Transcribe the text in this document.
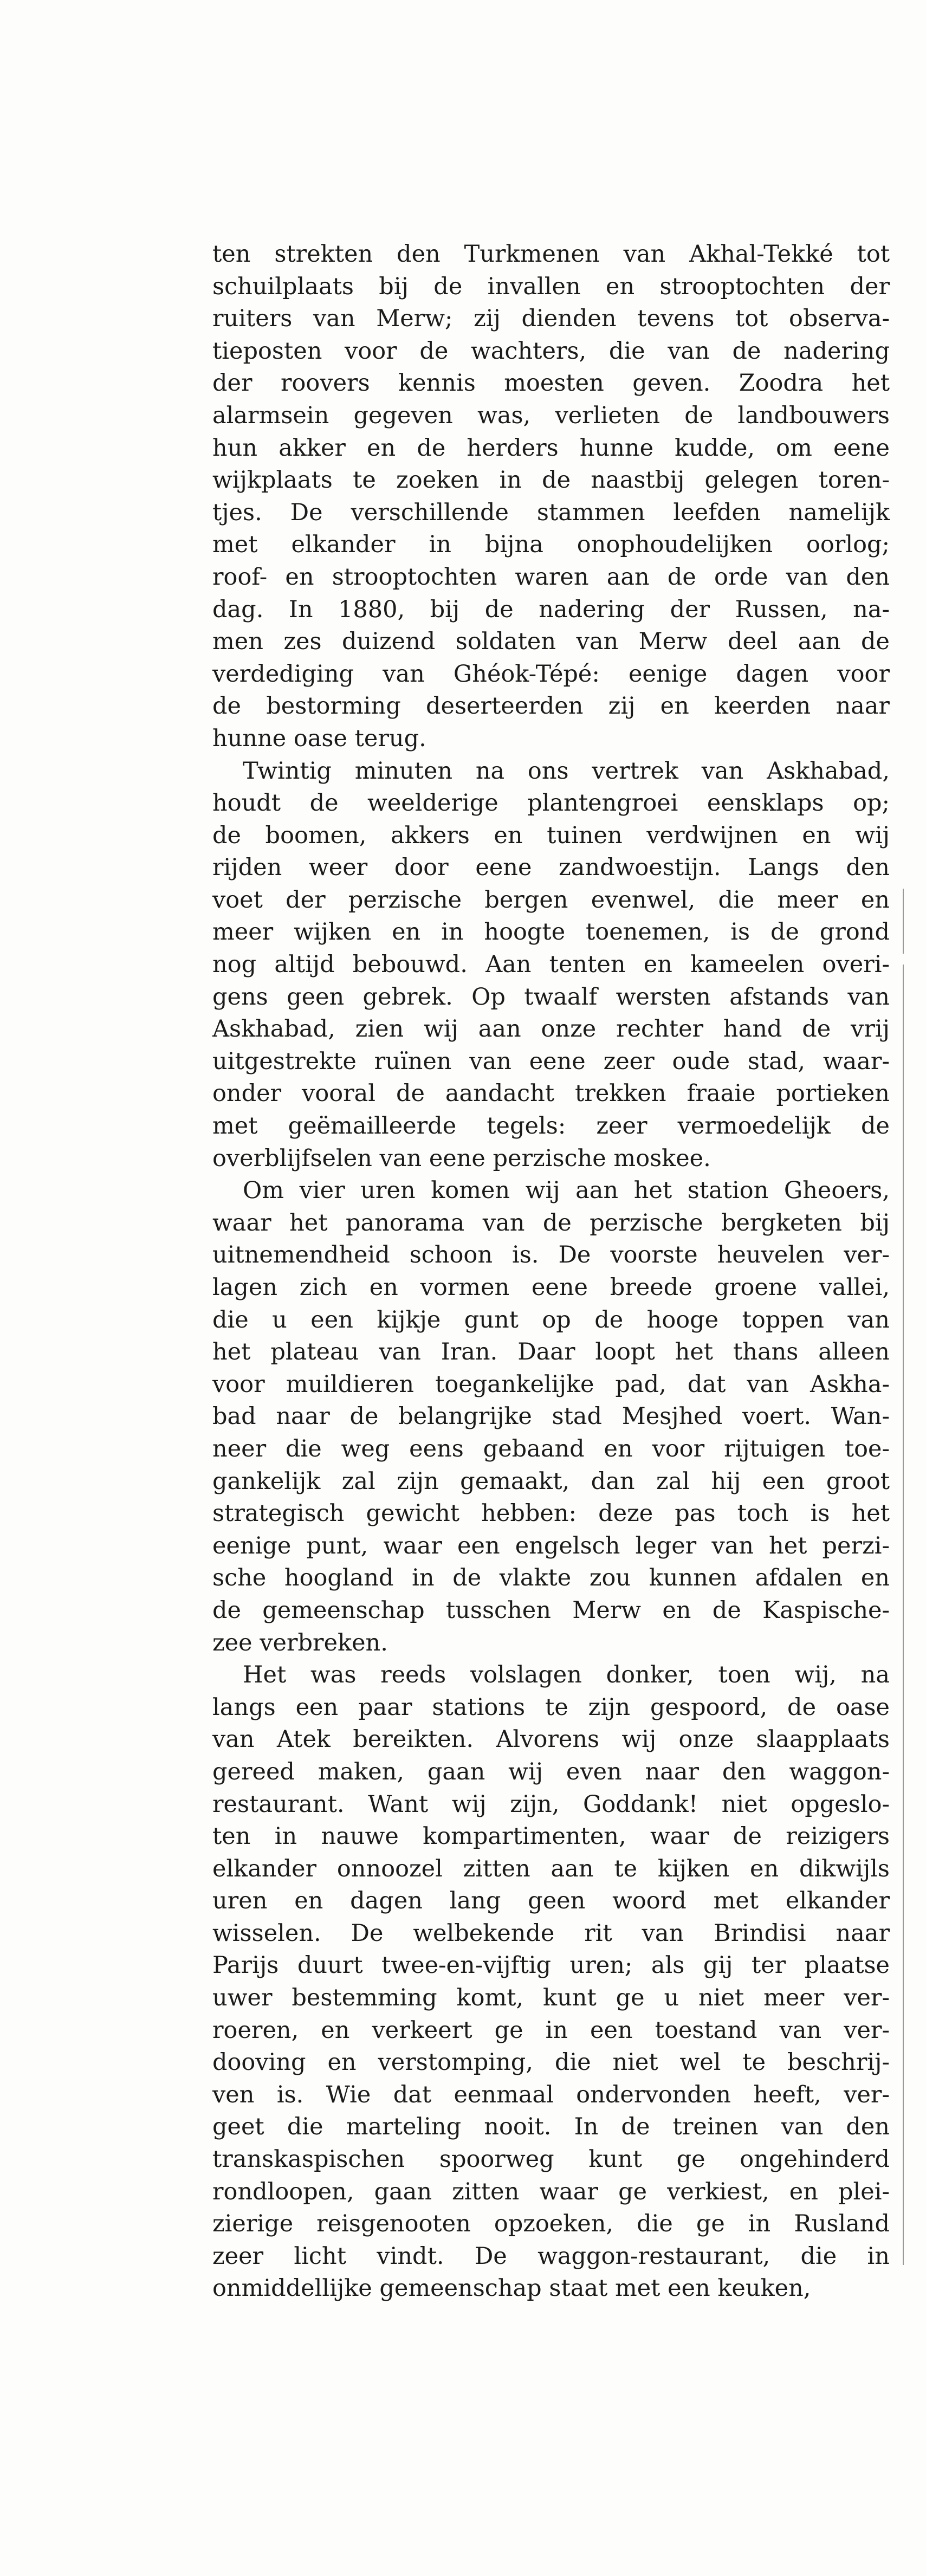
ten strekten den Turkmenen van Akhal-Tekké tot
schuilplaats bij de invallen en strooptochten der
ruiters van Merw; zij dienden tevens tot observa-
tieposten voor de wachters, die van de nadering
der roovers kennis moesten geven. Zoodra het
alarmsein gegeven was, verlieten de landbouwers
hun akker en de herders hunne kudde, om eene
wijkplaats te zoeken in de naastbij gelegen toren-
tjes. De verschillende stammen leefden namelijk
met elkander in bijna onophoudelijken oorlog;
roof- en strooptochten waren aan de orde van den
dag. In 1880, bij de nadering der Russen, na-
men zes duizend soldaten van Merw deel aan de
verdediging van Ghéok-Tépé: eenige dagen voor
de bestorming deserteerden zij en keerden naar
hunne oase terug.
Twintig minuten na ons vertrek van Askhabad,
houdt de weelderige plantengroei eensklaps op;
de boomen, akkers en tuinen verdwijnen en wij
rijden weer door eene zandwoestijn. Langs den
voet der perzische bergen evenwel, die meer en
meer wijken en in hoogte toenemen, is de grond
nog altijd bebouwd. Aan tenten en kameelen overi-
gens geen gebrek. Op twaalf wersten afstands van
Askhabad, zien wij aan onze rechter hand de vrij
uitgestrekte ruïnen van eene zeer oude stad, waar-
onder vooral de aandacht trekken fraaie portieken
met geëmailleerde tegels: zeer vermoedelijk de
overblijfselen van eene perzische moskee.
Om vier uren komen wij aan het station Gheoers,
waar het panorama van de perzische bergketen bij
uitnemendheid schoon is. De voorste heuvelen ver-
lagen zich en vormen eene breede groene vallei,
die u een kijkje gunt op de hooge toppen van
het plateau van Iran. Daar loopt het thans alleen
voor muildieren toegankelijke pad, dat van Askha-
bad naar de belangrijke stad Mesjhed voert. Wan-
neer die weg eens gebaand en voor rijtuigen toe-
gankelijk zal zijn gemaakt, dan zal hij een groot
strategisch gewicht hebben: deze pas toch is het
eenige punt, waar een engelsch leger van het perzi-
sche hoogland in de vlakte zou kunnen afdalen en
de gemeenschap tusschen Merw en de Kaspische-
zee verbreken.
Het was reeds volslagen donker, toen wij, na
langs een paar stations te zijn gespoord, de oase
van Atek bereikten. Alvorens wij onze slaapplaats
gereed maken, gaan wij even naar den waggon-
restaurant. Want wij zijn, Goddank! niet opgeslo-
ten in nauwe kompartimenten, waar de reizigers
elkander onnoozel zitten aan te kijken en dikwijls
uren en dagen lang geen woord met elkander
wisselen. De welbekende rit van Brindisi naar
Parijs duurt twee-en-vijftig uren; als gij ter plaatse
uwer bestemming komt, kunt ge u niet meer ver-
roeren, en verkeert ge in een toestand van ver-
dooving en verstomping, die niet wel te beschrij-
ven is. Wie dat eenmaal ondervonden heeft, ver-
geet die marteling nooit. In de treinen van den
transkaspischen spoorweg kunt ge ongehinderd
rondloopen, gaan zitten waar ge verkiest, en plei-
zierige reisgenooten opzoeken, die ge in Rusland
zeer licht vindt. De waggon-restaurant, die in
onmiddellijke gemeenschap staat met een keuken,
